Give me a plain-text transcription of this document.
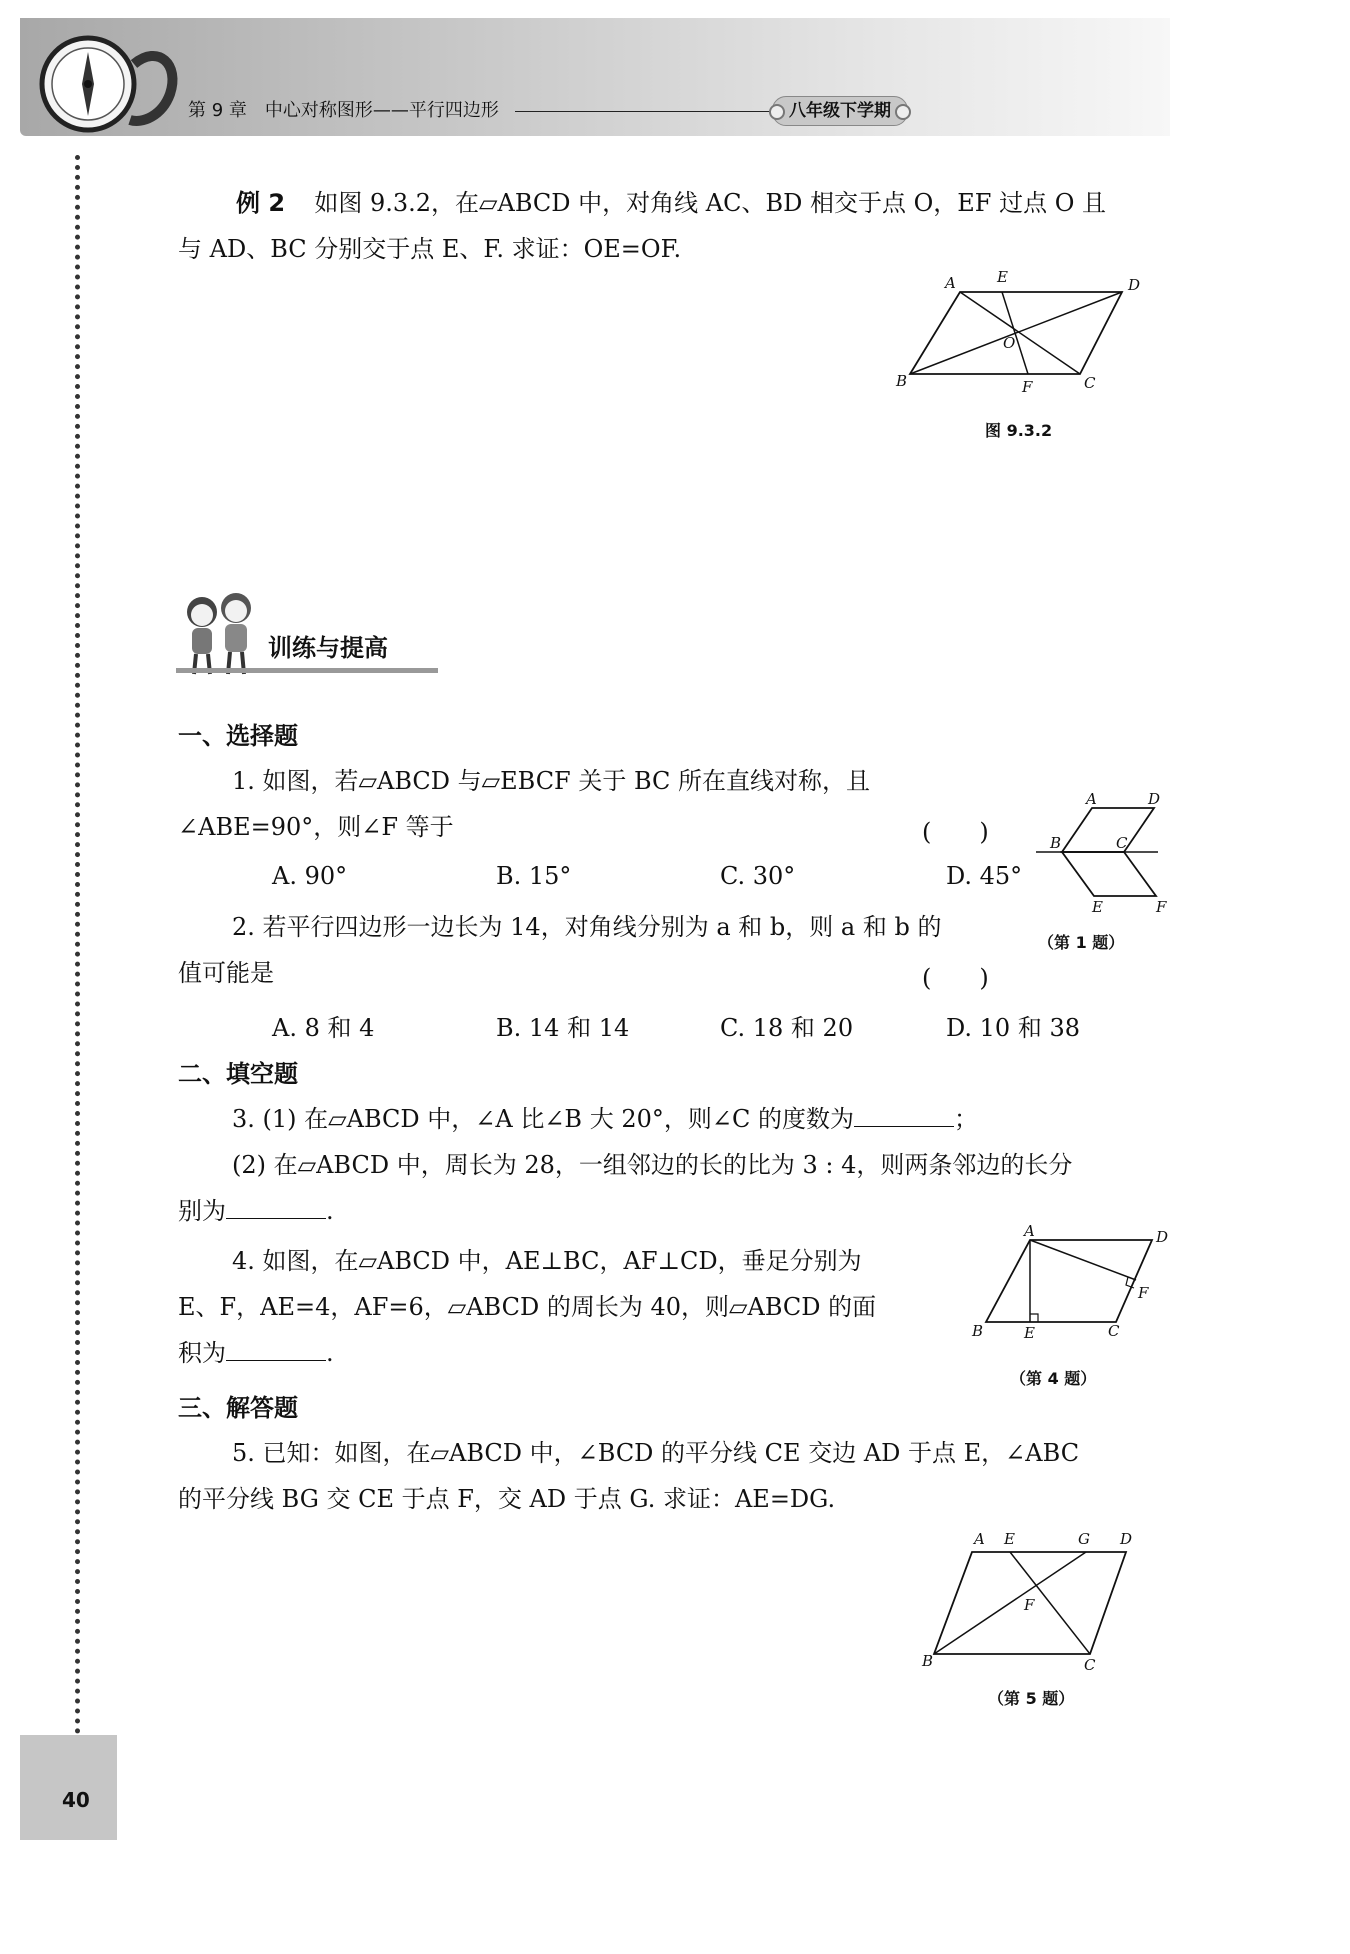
第 9 章　中心对称图形——平行四边形	八年级下学期
例 2 如图 9.3.2，在▱ABCD 中，对角线 AC、BD 相交于点 O，EF 过点 O 且
与 AD、BC 分别交于点 E、F. 求证：OE=OF.
A	E	D
O
B	F	C
图 9.3.2
训练与提高
一、选择题
1. 如图，若▱ABCD 与▱EBCF 关于 BC 所在直线对称，且
∠ABE=90°，则∠F 等于	(　　)
A. 90°	B. 15°	C. 30°	D. 45°
A	D
B	C
E	F
（第 1 题）
2. 若平行四边形一边长为 14，对角线分别为 a 和 b，则 a 和 b 的
值可能是	(　　)
A. 8 和 4	B. 14 和 14	C. 18 和 20	D. 10 和 38
二、填空题
3. (1) 在▱ABCD 中，∠A 比∠B 大 20°，则∠C 的度数为	；
(2) 在▱ABCD 中，周长为 28，一组邻边的长的比为 3 : 4，则两条邻边的长分
别为	.
4. 如图，在▱ABCD 中，AE⊥BC，AF⊥CD，垂足分别为
E、F，AE=4，AF=6，▱ABCD 的周长为 40，则▱ABCD 的面
积为	.
A	D
F
B	E	C
（第 4 题）
三、解答题
5. 已知：如图，在▱ABCD 中，∠BCD 的平分线 CE 交边 AD 于点 E，∠ABC
的平分线 BG 交 CE 于点 F，交 AD 于点 G. 求证：AE=DG.
A E	G D
F
B	C
（第 5 题）
40
